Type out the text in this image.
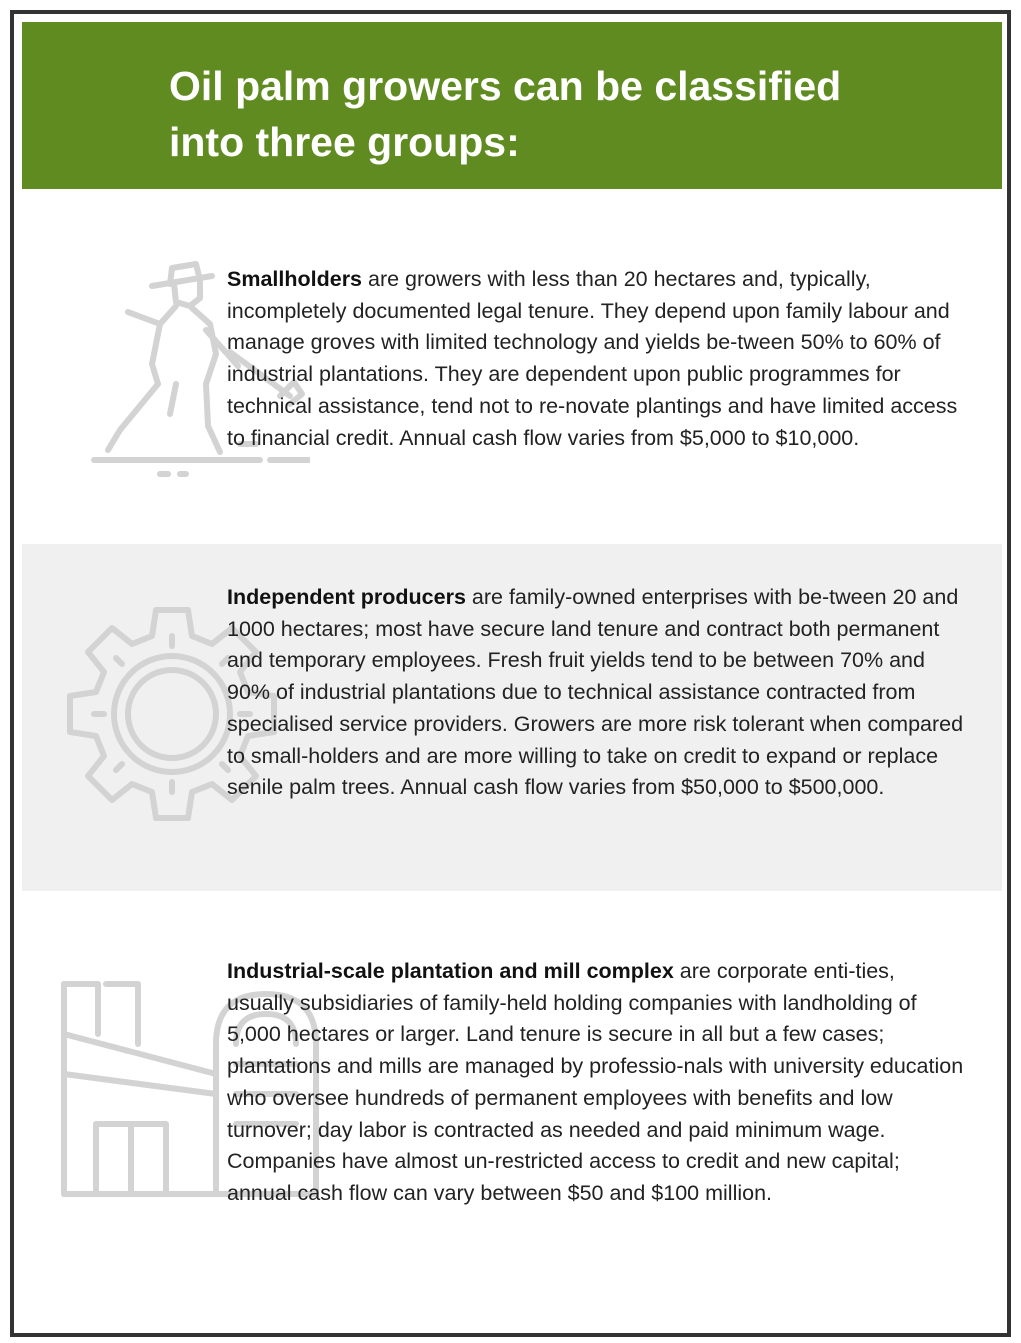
Oil palm growers can be classified
into three groups:

Smallholders are growers with less than 20 hectares and, typically, incompletely documented legal tenure. They depend upon family labour and manage groves with limited technology and yields be-tween 50% to 60% of industrial plantations. They are dependent upon public programmes for technical assistance, tend not to re-novate plantings and have limited access to financial credit. Annual cash flow varies from $5,000 to $10,000.

Independent producers are family-owned enterprises with be-tween 20 and 1000 hectares; most have secure land tenure and contract both permanent and temporary employees. Fresh fruit yields tend to be between 70% and 90% of industrial plantations due to technical assistance contracted from specialised service providers. Growers are more risk tolerant when compared to small-holders and are more willing to take on credit to expand or replace senile palm trees. Annual cash flow varies from $50,000 to $500,000.

Industrial-scale plantation and mill complex are corporate enti-ties, usually subsidiaries of family-held holding companies with landholding of 5,000 hectares or larger. Land tenure is secure in all but a few cases; plantations and mills are managed by professio-nals with university education who oversee hundreds of permanent employees with benefits and low turnover; day labor is contracted as needed and paid minimum wage. Companies have almost un-restricted access to credit and new capital; annual cash flow can vary between $50 and $100 million.
